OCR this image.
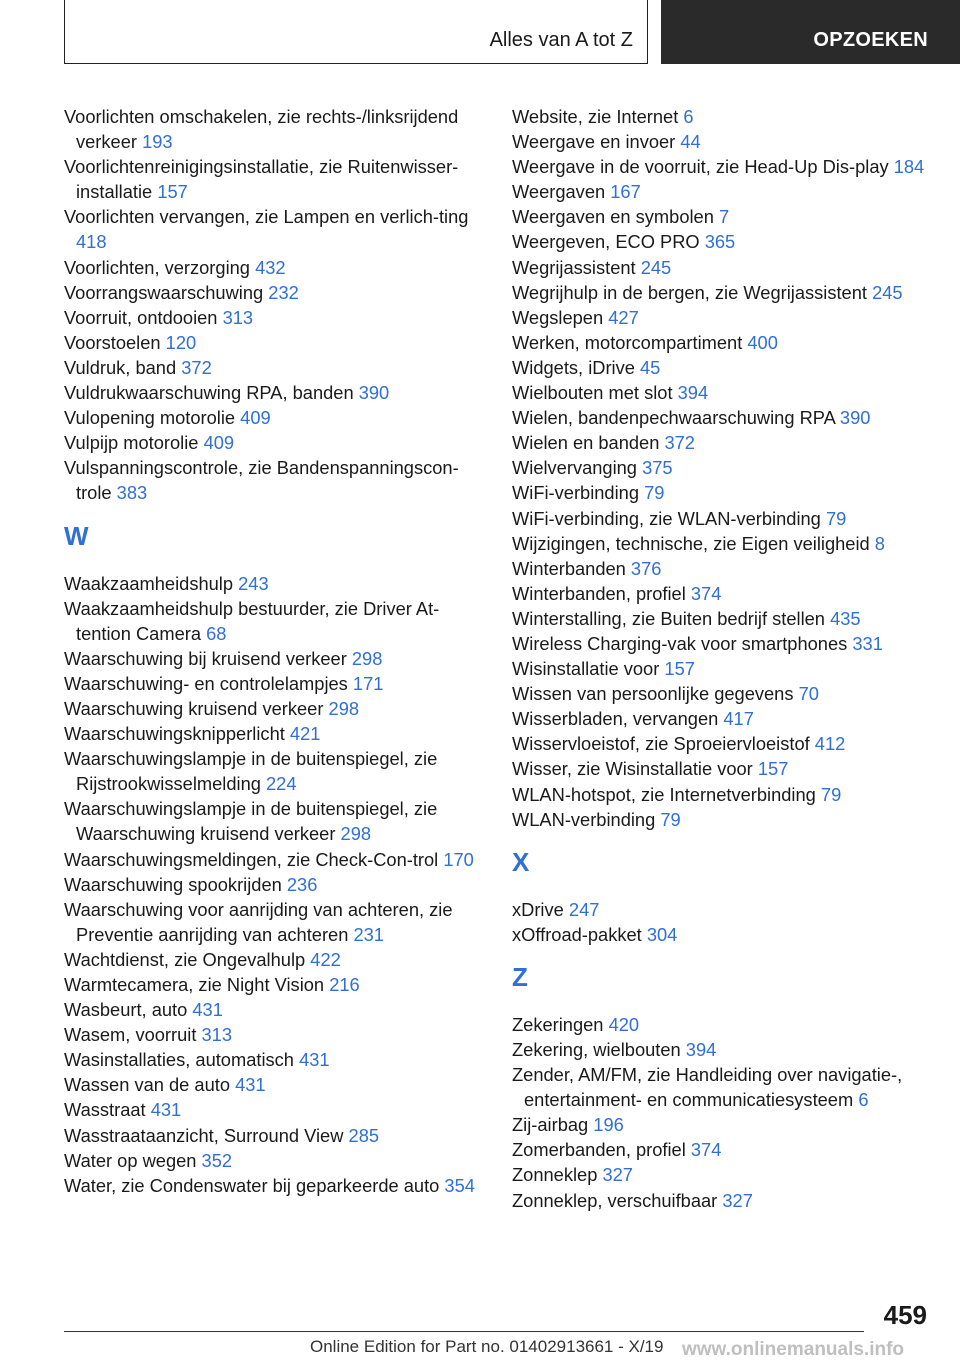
Alles van A tot Z	OPZOEKEN
Voorlichten omschakelen, zie rechts-/linksrijdend verkeer 193
Voorlichtenreinigingsinstallatie, zie Ruitenwisser-installatie 157
Voorlichten vervangen, zie Lampen en verlich-ting 418
Voorlichten, verzorging 432
Voorrangswaarschuwing 232
Voorruit, ontdooien 313
Voorstoelen 120
Vuldruk, band 372
Vuldrukwaarschuwing RPA, banden 390
Vulopening motorolie 409
Vulpijp motorolie 409
Vulspanningscontrole, zie Bandenspanningscon-trole 383
W
Waakzaamheidshulp 243
Waakzaamheidshulp bestuurder, zie Driver At-tention Camera 68
Waarschuwing bij kruisend verkeer 298
Waarschuwing- en controlelampjes 171
Waarschuwing kruisend verkeer 298
Waarschuwingsknipperlicht 421
Waarschuwingslampje in de buitenspiegel, zie Rijstrookwisselmelding 224
Waarschuwingslampje in de buitenspiegel, zie Waarschuwing kruisend verkeer 298
Waarschuwingsmeldingen, zie Check-Con-trol 170
Waarschuwing spookrijden 236
Waarschuwing voor aanrijding van achteren, zie Preventie aanrijding van achteren 231
Wachtdienst, zie Ongevalhulp 422
Warmtecamera, zie Night Vision 216
Wasbeurt, auto 431
Wasem, voorruit 313
Wasinstallaties, automatisch 431
Wassen van de auto 431
Wasstraat 431
Wasstraataanzicht, Surround View 285
Water op wegen 352
Water, zie Condenswater bij geparkeerde auto 354
Website, zie Internet 6
Weergave en invoer 44
Weergave in de voorruit, zie Head-Up Dis-play 184
Weergaven 167
Weergaven en symbolen 7
Weergeven, ECO PRO 365
Wegrijassistent 245
Wegrijhulp in de bergen, zie Wegrijassistent 245
Wegslepen 427
Werken, motorcompartiment 400
Widgets, iDrive 45
Wielbouten met slot 394
Wielen, bandenpechwaarschuwing RPA 390
Wielen en banden 372
Wielvervanging 375
WiFi-verbinding 79
WiFi-verbinding, zie WLAN-verbinding 79
Wijzigingen, technische, zie Eigen veiligheid 8
Winterbanden 376
Winterbanden, profiel 374
Winterstalling, zie Buiten bedrijf stellen 435
Wireless Charging-vak voor smartphones 331
Wisinstallatie voor 157
Wissen van persoonlijke gegevens 70
Wisserbladen, vervangen 417
Wisservloeistof, zie Sproeiervloeistof 412
Wisser, zie Wisinstallatie voor 157
WLAN-hotspot, zie Internetverbinding 79
WLAN-verbinding 79
X
xDrive 247
xOffroad-pakket 304
Z
Zekeringen 420
Zekering, wielbouten 394
Zender, AM/FM, zie Handleiding over navigatie-, entertainment- en communicatiesysteem 6
Zij-airbag 196
Zomerbanden, profiel 374
Zonneklep 327
Zonneklep, verschuifbaar 327
459
Online Edition for Part no. 01402913661 - X/19 www.onlinemanuals.info
